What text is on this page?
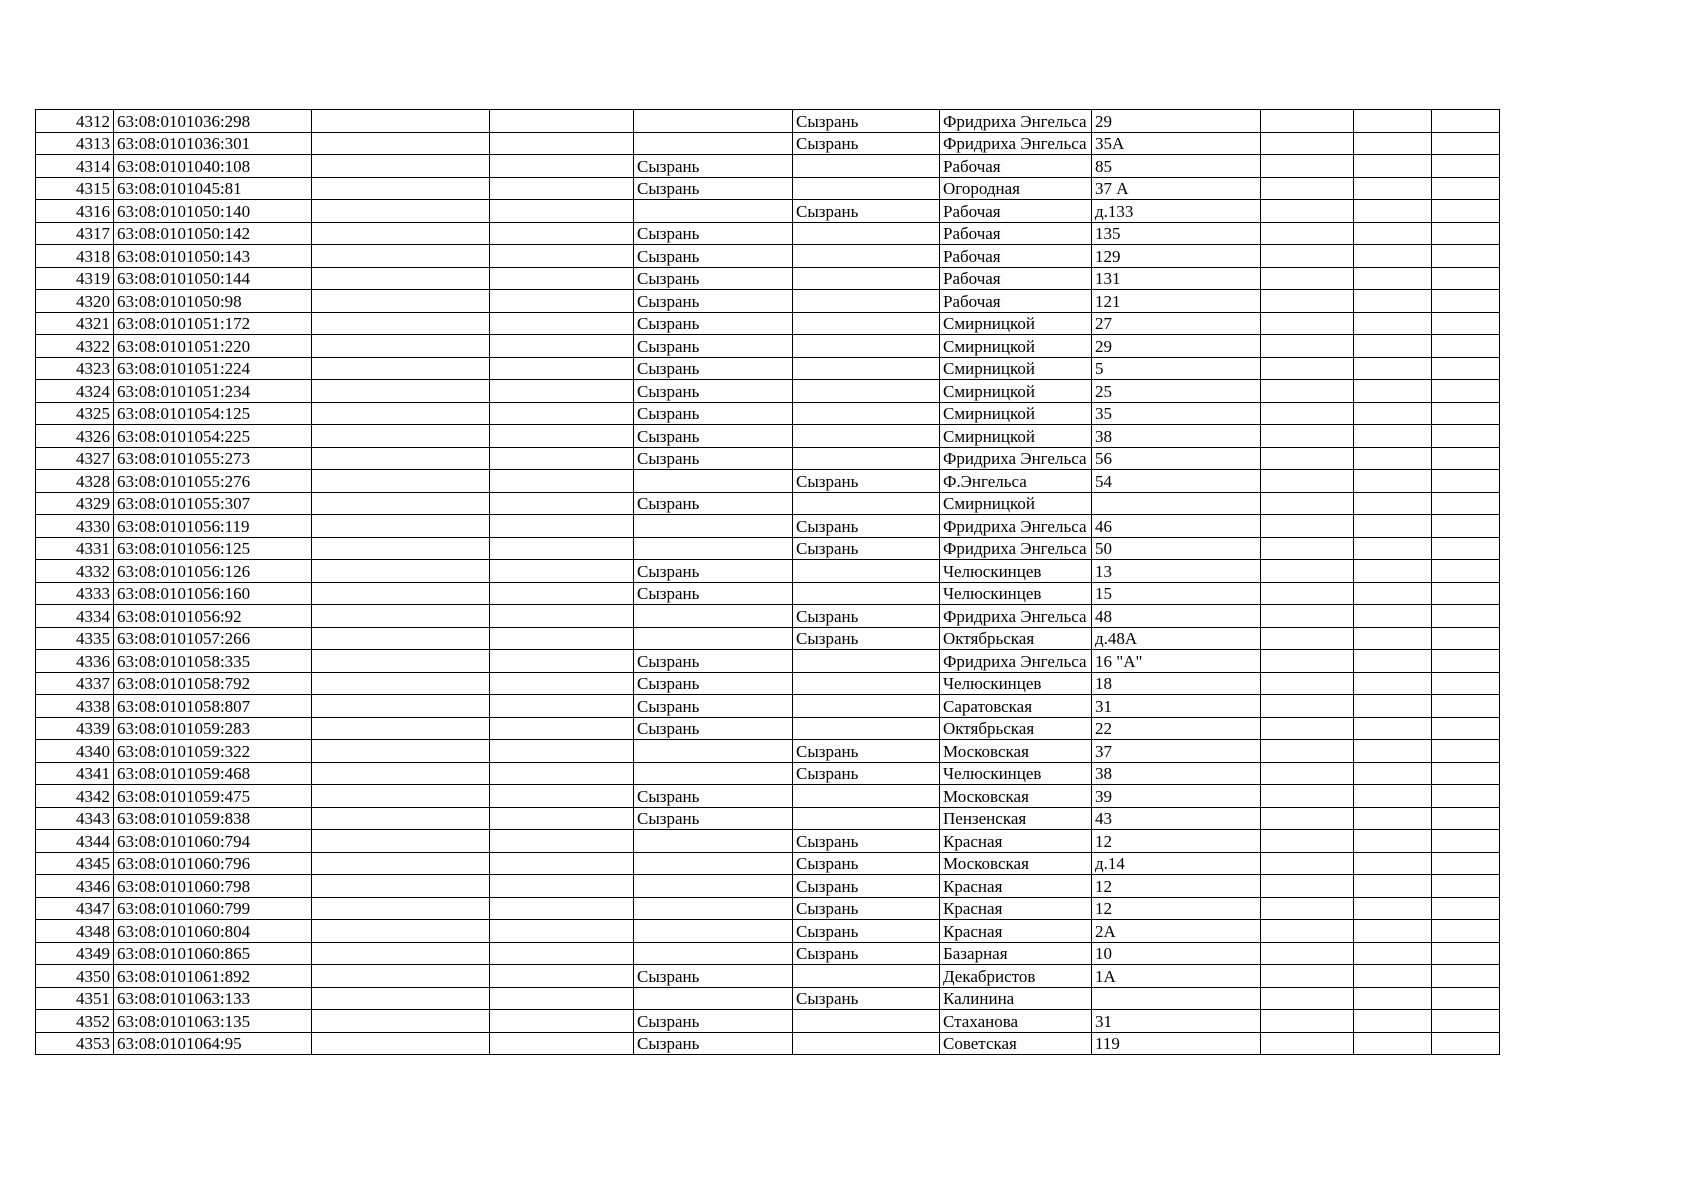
4312	63:08:0101036:298				Сызрань	Фридриха Энгельса	29			
4313	63:08:0101036:301				Сызрань	Фридриха Энгельса	35А			
4314	63:08:0101040:108			Сызрань		Рабочая	85			
4315	63:08:0101045:81			Сызрань		Огородная	37 А			
4316	63:08:0101050:140				Сызрань	Рабочая	д.133			
4317	63:08:0101050:142			Сызрань		Рабочая	135			
4318	63:08:0101050:143			Сызрань		Рабочая	129			
4319	63:08:0101050:144			Сызрань		Рабочая	131			
4320	63:08:0101050:98			Сызрань		Рабочая	121			
4321	63:08:0101051:172			Сызрань		Смирницкой	27			
4322	63:08:0101051:220			Сызрань		Смирницкой	29			
4323	63:08:0101051:224			Сызрань		Смирницкой	5			
4324	63:08:0101051:234			Сызрань		Смирницкой	25			
4325	63:08:0101054:125			Сызрань		Смирницкой	35			
4326	63:08:0101054:225			Сызрань		Смирницкой	38			
4327	63:08:0101055:273			Сызрань		Фридриха Энгельса	56			
4328	63:08:0101055:276				Сызрань	Ф.Энгельса	54			
4329	63:08:0101055:307			Сызрань		Смирницкой				
4330	63:08:0101056:119				Сызрань	Фридриха Энгельса	46			
4331	63:08:0101056:125				Сызрань	Фридриха Энгельса	50			
4332	63:08:0101056:126			Сызрань		Челюскинцев	13			
4333	63:08:0101056:160			Сызрань		Челюскинцев	15			
4334	63:08:0101056:92				Сызрань	Фридриха Энгельса	48			
4335	63:08:0101057:266				Сызрань	Октябрьская	д.48А			
4336	63:08:0101058:335			Сызрань		Фридриха Энгельса	16 "А"			
4337	63:08:0101058:792			Сызрань		Челюскинцев	18			
4338	63:08:0101058:807			Сызрань		Саратовская	31			
4339	63:08:0101059:283			Сызрань		Октябрьская	22			
4340	63:08:0101059:322				Сызрань	Московская	37			
4341	63:08:0101059:468				Сызрань	Челюскинцев	38			
4342	63:08:0101059:475			Сызрань		Московская	39			
4343	63:08:0101059:838			Сызрань		Пензенская	43			
4344	63:08:0101060:794				Сызрань	Красная	12			
4345	63:08:0101060:796				Сызрань	Московская	д.14			
4346	63:08:0101060:798				Сызрань	Красная	12			
4347	63:08:0101060:799				Сызрань	Красная	12			
4348	63:08:0101060:804				Сызрань	Красная	2А			
4349	63:08:0101060:865				Сызрань	Базарная	10			
4350	63:08:0101061:892			Сызрань		Декабристов	1А			
4351	63:08:0101063:133				Сызрань	Калинина				
4352	63:08:0101063:135			Сызрань		Стаханова	31			
4353	63:08:0101064:95			Сызрань		Советская	119			
